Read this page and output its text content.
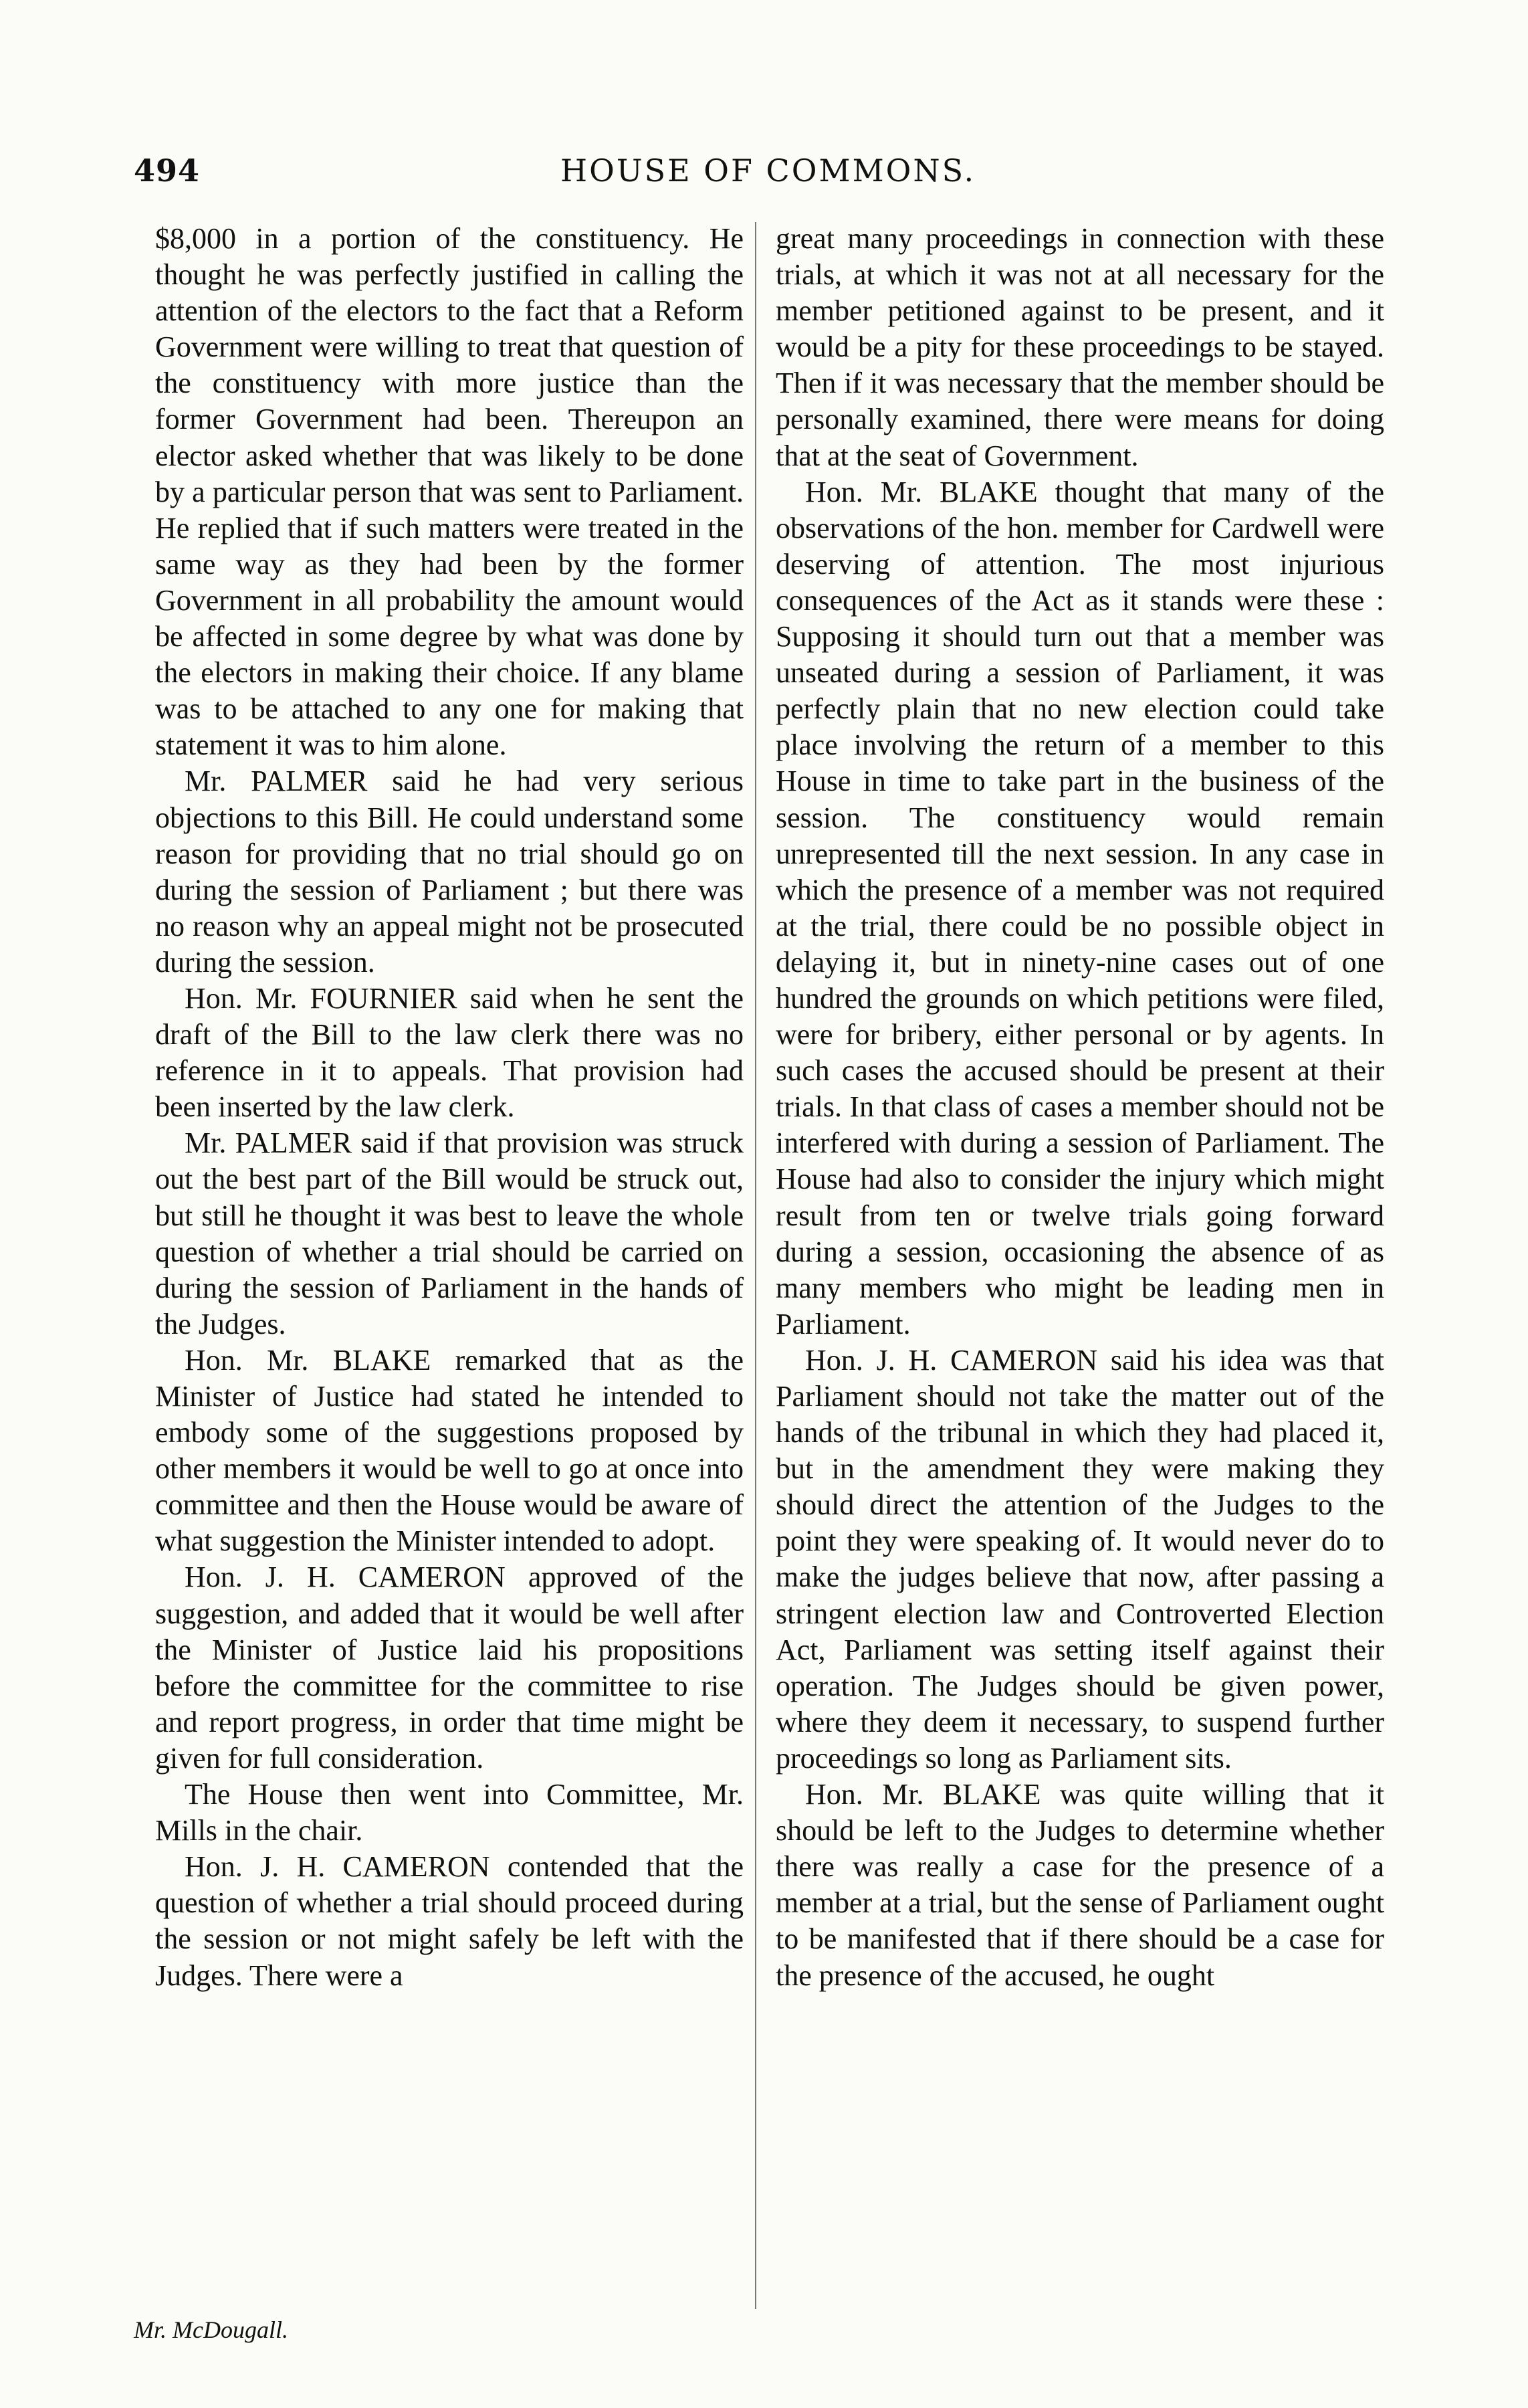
494	HOUSE OF COMMONS.

$8,000 in a portion of the constituency. He thought he was perfectly justified in calling the attention of the electors to the fact that a Reform Government were willing to treat that question of the constituency with more justice than the former Government had been. Thereupon an elector asked whether that was likely to be done by a particular person that was sent to Parliament. He replied that if such matters were treated in the same way as they had been by the former Government in all probability the amount would be affected in some degree by what was done by the electors in making their choice. If any blame was to be attached to any one for making that statement it was to him alone.

Mr. PALMER said he had very serious objections to this Bill. He could understand some reason for providing that no trial should go on during the session of Parliament ; but there was no reason why an appeal might not be prosecuted during the session.

Hon. Mr. FOURNIER said when he sent the draft of the Bill to the law clerk there was no reference in it to appeals. That provision had been inserted by the law clerk.

Mr. PALMER said if that provision was struck out the best part of the Bill would be struck out, but still he thought it was best to leave the whole question of whether a trial should be carried on during the session of Parliament in the hands of the Judges.

Hon. Mr. BLAKE remarked that as the Minister of Justice had stated he intended to embody some of the suggestions proposed by other members it would be well to go at once into committee and then the House would be aware of what suggestion the Minister intended to adopt.

Hon. J. H. CAMERON approved of the suggestion, and added that it would be well after the Minister of Justice laid his propositions before the committee for the committee to rise and report progress, in order that time might be given for full consideration.

The House then went into Committee, Mr. Mills in the chair.

Hon. J. H. CAMERON contended that the question of whether a trial should proceed during the session or not might safely be left with the Judges. There were a

great many proceedings in connection with these trials, at which it was not at all necessary for the member petitioned against to be present, and it would be a pity for these proceedings to be stayed. Then if it was necessary that the member should be personally examined, there were means for doing that at the seat of Government.

Hon. Mr. BLAKE thought that many of the observations of the hon. member for Cardwell were deserving of attention. The most injurious consequences of the Act as it stands were these : Supposing it should turn out that a member was unseated during a session of Parliament, it was perfectly plain that no new election could take place involving the return of a member to this House in time to take part in the business of the session. The constituency would remain unrepresented till the next session. In any case in which the presence of a member was not required at the trial, there could be no possible object in delaying it, but in ninety-nine cases out of one hundred the grounds on which petitions were filed, were for bribery, either personal or by agents. In such cases the accused should be present at their trials. In that class of cases a member should not be interfered with during a session of Parliament. The House had also to consider the injury which might result from ten or twelve trials going forward during a session, occasioning the absence of as many members who might be leading men in Parliament.

Hon. J. H. CAMERON said his idea was that Parliament should not take the matter out of the hands of the tribunal in which they had placed it, but in the amendment they were making they should direct the attention of the Judges to the point they were speaking of. It would never do to make the judges believe that now, after passing a stringent election law and Controverted Election Act, Parliament was setting itself against their operation. The Judges should be given power, where they deem it necessary, to suspend further proceedings so long as Parliament sits.

Hon. Mr. BLAKE was quite willing that it should be left to the Judges to determine whether there was really a case for the presence of a member at a trial, but the sense of Parliament ought to be manifested that if there should be a case for the presence of the accused, he ought

Mr. McDougall.
